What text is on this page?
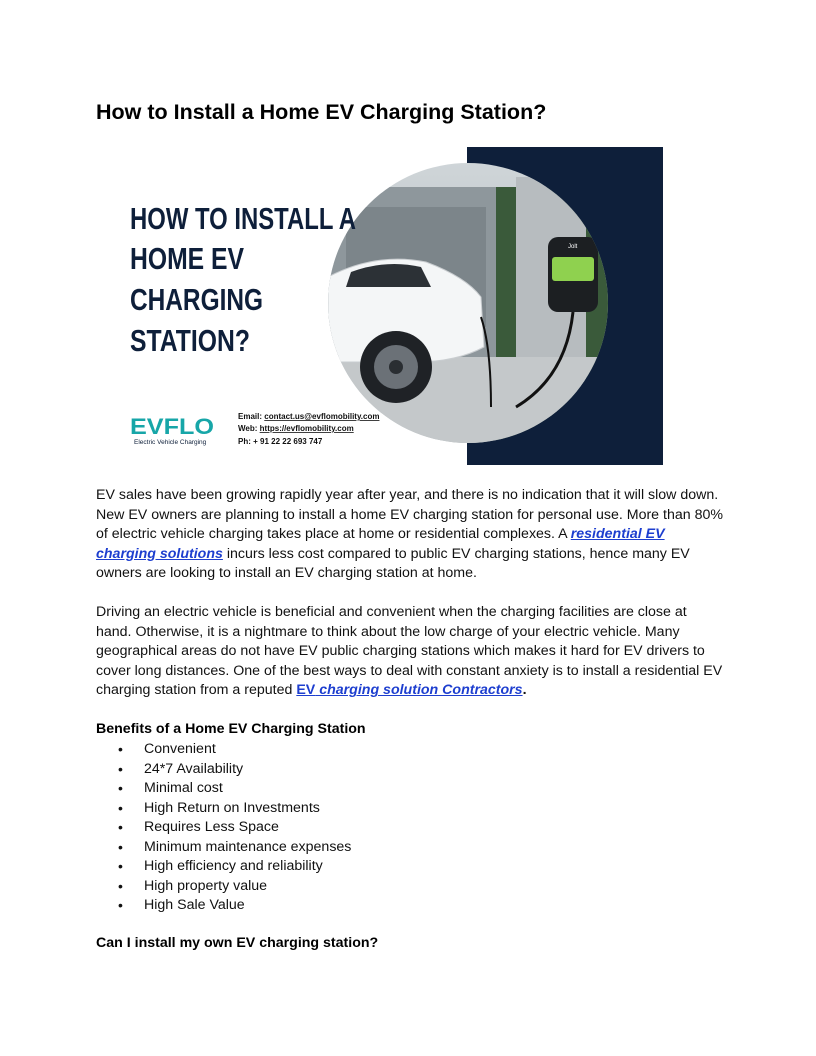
How to Install a Home EV Charging Station?
HOW TO INSTALL A
HOME EV
CHARGING
STATION?
EVFLO
Electric Vehicle Charging
Email: contact.us@evflomobility.com
Web: https://evflomobility.com
Ph: + 91 22 22 693 747
Jolt

EV sales have been growing rapidly year after year, and there is no indication that it will slow down. New EV owners are planning to install a home EV charging station for personal use. More than 80% of electric vehicle charging takes place at home or residential complexes. A residential EV charging solutions incurs less cost compared to public EV charging stations, hence many EV owners are looking to install an EV charging station at home.

Driving an electric vehicle is beneficial and convenient when the charging facilities are close at hand. Otherwise, it is a nightmare to think about the low charge of your electric vehicle. Many geographical areas do not have EV public charging stations which makes it hard for EV drivers to cover long distances. One of the best ways to deal with constant anxiety is to install a residential EV charging station from a reputed EV charging solution Contractors.

Benefits of a Home EV Charging Station
• Convenient
• 24*7 Availability
• Minimal cost
• High Return on Investments
• Requires Less Space
• Minimum maintenance expenses
• High efficiency and reliability
• High property value
• High Sale Value
Can I install my own EV charging station?
